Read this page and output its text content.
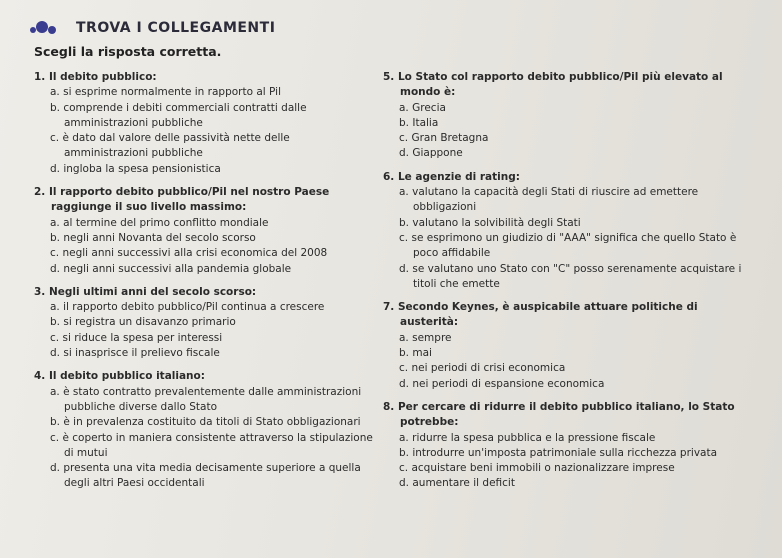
TROVA I COLLEGAMENTI
Scegli la risposta corretta.
1. Il debito pubblico:
a. si esprime normalmente in rapporto al Pil
b. comprende i debiti commerciali contratti dalle amministrazioni pubbliche
c. è dato dal valore delle passività nette delle amministrazioni pubbliche
d. ingloba la spesa pensionistica
2. Il rapporto debito pubblico/Pil nel nostro Paese raggiunge il suo livello massimo:
a. al termine del primo conflitto mondiale
b. negli anni Novanta del secolo scorso
c. negli anni successivi alla crisi economica del 2008
d. negli anni successivi alla pandemia globale
3. Negli ultimi anni del secolo scorso:
a. il rapporto debito pubblico/Pil continua a crescere
b. si registra un disavanzo primario
c. si riduce la spesa per interessi
d. si inasprisce il prelievo fiscale
4. Il debito pubblico italiano:
a. è stato contratto prevalentemente dalle amministrazioni pubbliche diverse dallo Stato
b. è in prevalenza costituito da titoli di Stato obbligazionari
c. è coperto in maniera consistente attraverso la stipulazione di mutui
d. presenta una vita media decisamente superiore a quella degli altri Paesi occidentali
5. Lo Stato col rapporto debito pubblico/Pil più elevato al mondo è:
a. Grecia
b. Italia
c. Gran Bretagna
d. Giappone
6. Le agenzie di rating:
a. valutano la capacità degli Stati di riuscire ad emettere obbligazioni
b. valutano la solvibilità degli Stati
c. se esprimono un giudizio di "AAA" significa che quello Stato è poco affidabile
d. se valutano uno Stato con "C" posso serenamente acquistare i titoli che emette
7. Secondo Keynes, è auspicabile attuare politiche di austerità:
a. sempre
b. mai
c. nei periodi di crisi economica
d. nei periodi di espansione economica
8. Per cercare di ridurre il debito pubblico italiano, lo Stato potrebbe:
a. ridurre la spesa pubblica e la pressione fiscale
b. introdurre un'imposta patrimoniale sulla ricchezza privata
c. acquistare beni immobili o nazionalizzare imprese
d. aumentare il deficit
